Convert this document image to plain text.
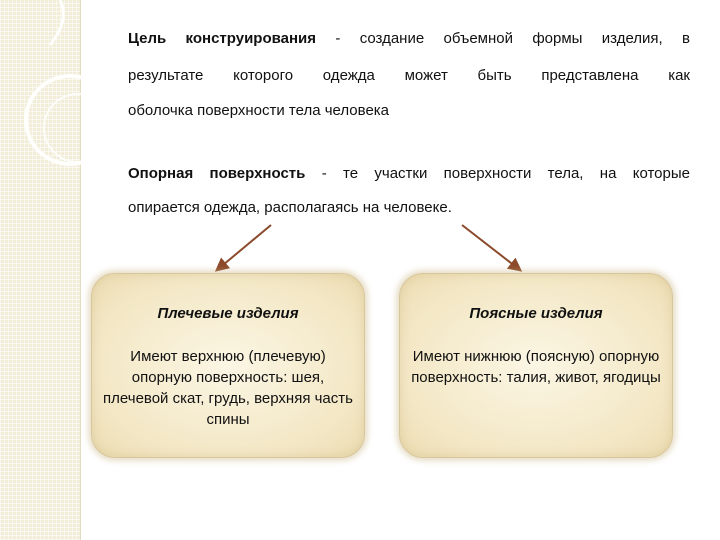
Цель конструирования - создание объемной формы изделия, в
результате которого одежда может быть представлена как
оболочка поверхности тела человека
Опорная поверхность - те участки поверхности тела, на которые
опирается одежда, располагаясь на человеке.
Плечевые изделия
Имеют верхнюю (плечевую) опорную поверхность: шея, плечевой скат, грудь, верхняя часть спины
Поясные изделия
Имеют нижнюю (поясную) опорную поверхность: талия, живот, ягодицы
